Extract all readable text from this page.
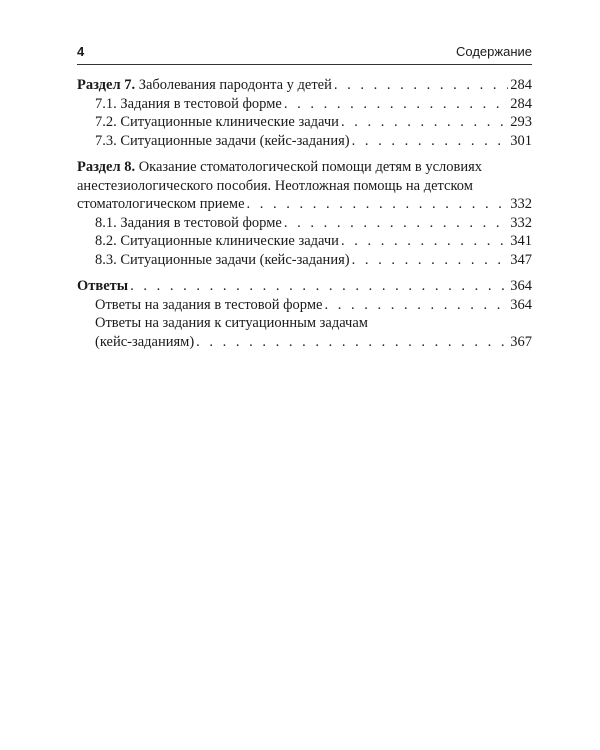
4	Содержание
Раздел 7. Заболевания пародонта у детей . . .	284
7.1. Задания в тестовой форме . . .	284
7.2. Ситуационные клинические задачи . . .	293
7.3. Ситуационные задачи (кейс-задания) . . .	301
Раздел 8. Оказание стоматологической помощи детям в условиях
анестезиологического пособия. Неотложная помощь на детском
стоматологическом приеме . . .	332
8.1. Задания в тестовой форме . . .	332
8.2. Ситуационные клинические задачи . . .	341
8.3. Ситуационные задачи (кейс-задания) . . .	347
Ответы . . .	364
Ответы на задания в тестовой форме . . .	364
Ответы на задания к ситуационным задачам
(кейс-заданиям) . . .	367
